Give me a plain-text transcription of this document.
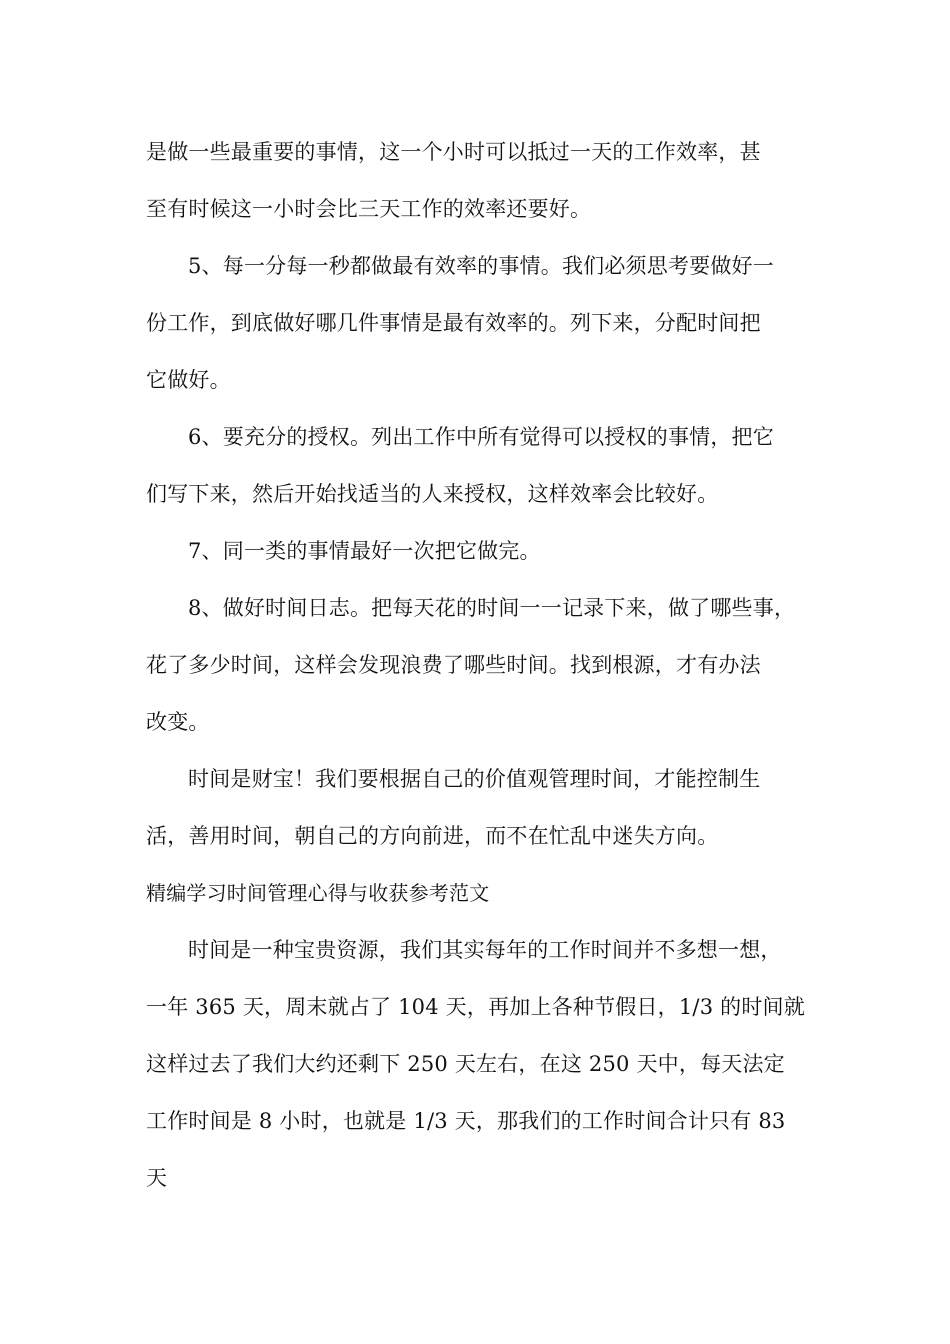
是做一些最重要的事情，这一个小时可以抵过一天的工作效率，甚
至有时候这一小时会比三天工作的效率还要好。
5、每一分每一秒都做最有效率的事情。我们必须思考要做好一
份工作，到底做好哪几件事情是最有效率的。列下来，分配时间把
它做好。
6、要充分的授权。列出工作中所有觉得可以授权的事情，把它
们写下来，然后开始找适当的人来授权，这样效率会比较好。
7、同一类的事情最好一次把它做完。
8、做好时间日志。把每天花的时间一一记录下来，做了哪些事，
花了多少时间，这样会发现浪费了哪些时间。找到根源，才有办法
改变。
时间是财宝！我们要根据自己的价值观管理时间，才能控制生
活，善用时间，朝自己的方向前进，而不在忙乱中迷失方向。
精编学习时间管理心得与收获参考范文
时间是一种宝贵资源，我们其实每年的工作时间并不多想一想，
一年 365 天，周末就占了 104 天，再加上各种节假日，1/3 的时间就
这样过去了我们大约还剩下 250 天左右，在这 250 天中，每天法定
工作时间是 8 小时，也就是 1/3 天，那我们的工作时间合计只有 83
天
